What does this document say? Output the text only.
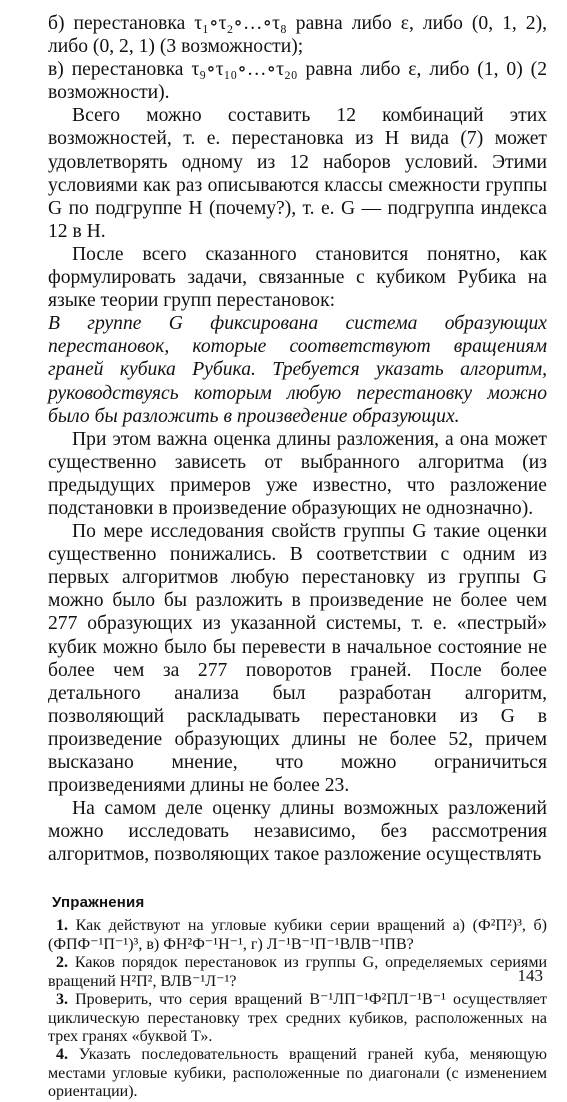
б) перестановка τ₁∘τ₂∘…∘τ₈ равна либо ε, либо (0, 1, 2), либо (0, 2, 1) (3 возможности);

в) перестановка τ₉∘τ₁₀∘…∘τ₂₀ равна либо ε, либо (1, 0) (2 возможности).

Всего можно составить 12 комбинаций этих возможностей, т. е. перестановка из H вида (7) может удовлетворять одному из 12 наборов условий. Этими условиями как раз описываются классы смежности группы G по подгруппе H (почему?), т. е. G — подгруппа индекса 12 в H.

После всего сказанного становится понятно, как формулировать задачи, связанные с кубиком Рубика на языке теории групп перестановок:

В группе G фиксирована система образующих перестановок, которые соответствуют вращениям граней кубика Рубика. Требуется указать алгоритм, руководствуясь которым любую перестановку можно было бы разложить в произведение образующих.

При этом важна оценка длины разложения, а она может существенно зависеть от выбранного алгоритма (из предыдущих примеров уже известно, что разложение подстановки в произведение образующих не однозначно).

По мере исследования свойств группы G такие оценки существенно понижались. В соответствии с одним из первых алгоритмов любую перестановку из группы G можно было бы разложить в произведение не более чем 277 образующих из указанной системы, т. е. «пестрый» кубик можно было бы перевести в начальное состояние не более чем за 277 поворотов граней. После более детального анализа был разработан алгоритм, позволяющий раскладывать перестановки из G в произведение образующих длины не более 52, причем высказано мнение, что можно ограничиться произведениями длины не более 23.

На самом деле оценку длины возможных разложений можно исследовать независимо, без рассмотрения алгоритмов, позволяющих такое разложение осуществлять

Упражнения

1. Как действуют на угловые кубики серии вращений а) (Ф²П²)³, б) (ФПФ⁻¹П⁻¹)³, в) ФН²Ф⁻¹Н⁻¹, г) Л⁻¹В⁻¹П⁻¹ВЛВ⁻¹ПВ?

2. Каков порядок перестановок из группы G, определяемых сериями вращений Н²П², ВЛВ⁻¹Л⁻¹?

3. Проверить, что серия вращений В⁻¹ЛП⁻¹Ф²ПЛ⁻¹В⁻¹ осуществляет циклическую перестановку трех средних кубиков, расположенных на трех гранях «буквой Т».

4. Указать последовательность вращений граней куба, меняющую местами угловые кубики, расположенные по диагонали (с изменением ориентации).

143
